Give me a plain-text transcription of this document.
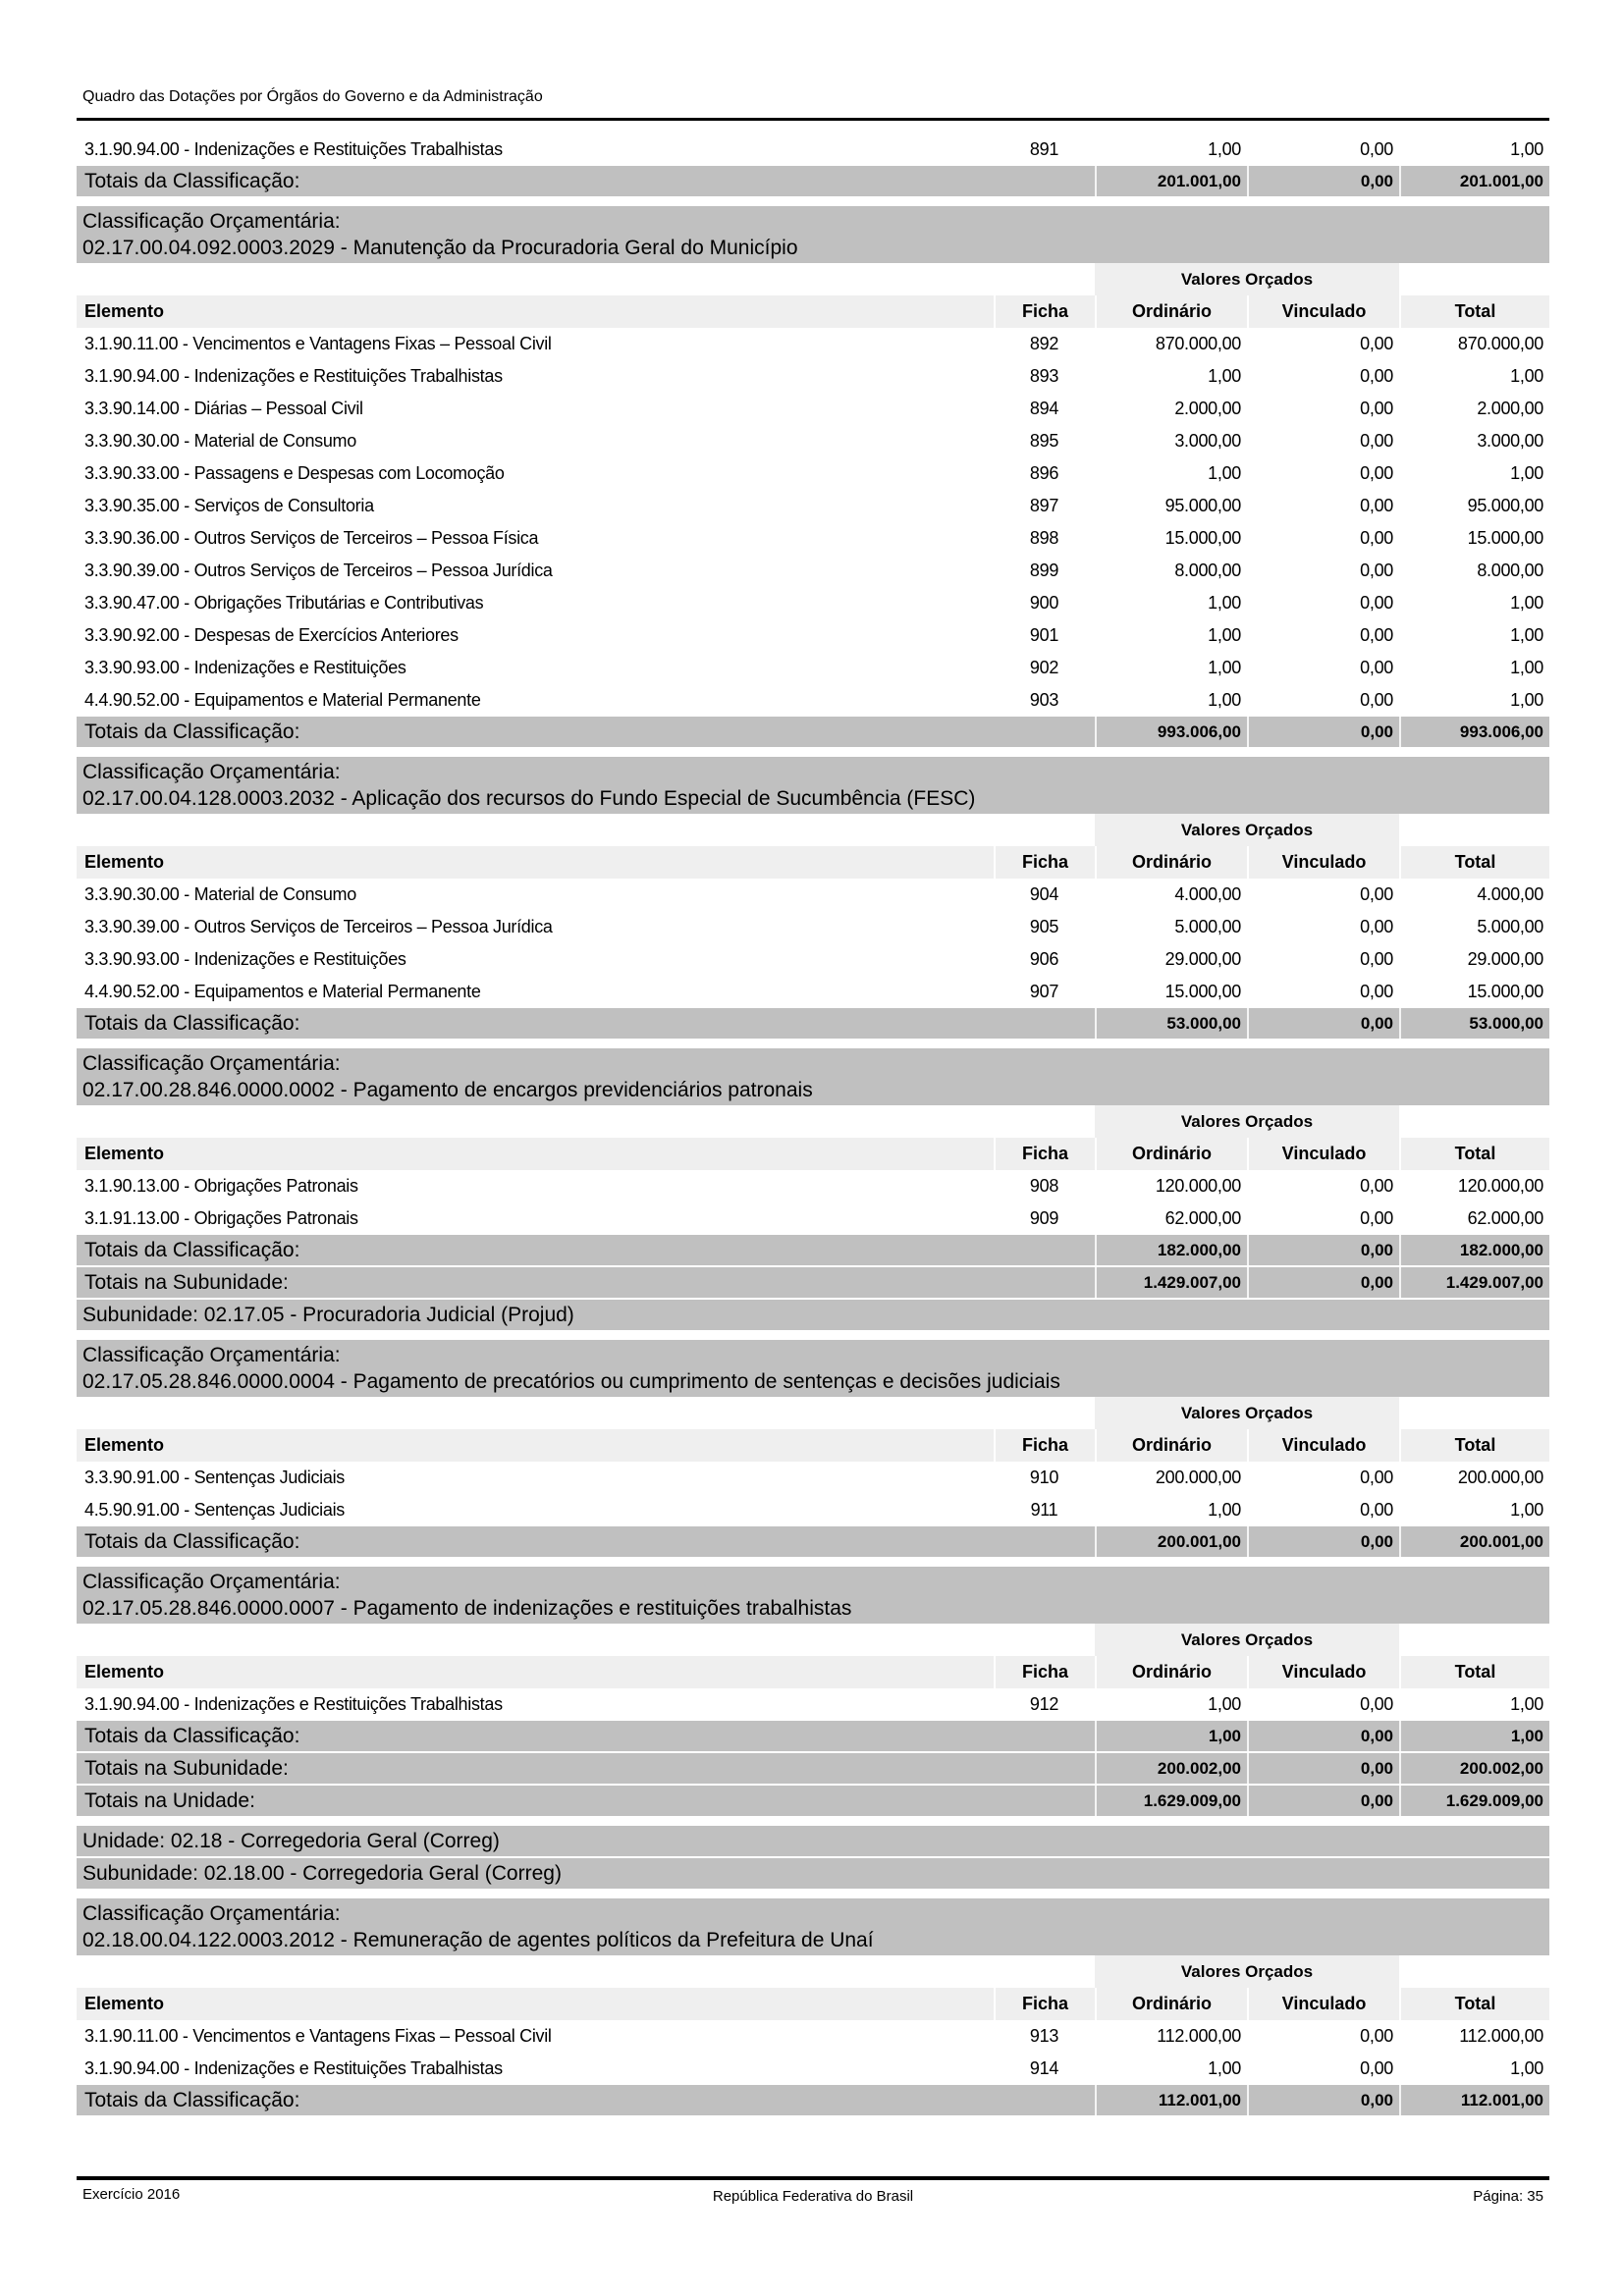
Quadro das Dotações por Órgãos do Governo e da Administração
3.1.90.94.00 - Indenizações e Restituições Trabalhistas	891	1,00	0,00	1,00
Totais da Classificação:	201.001,00	0,00	201.001,00
Classificação Orçamentária:
02.17.00.04.092.0003.2029 - Manutenção da Procuradoria Geral do Município
Valores Orçados
Elemento	Ficha	Ordinário	Vinculado	Total
3.1.90.11.00 - Vencimentos e Vantagens Fixas – Pessoal Civil	892	870.000,00	0,00	870.000,00
3.1.90.94.00 - Indenizações e Restituições Trabalhistas	893	1,00	0,00	1,00
3.3.90.14.00 - Diárias – Pessoal Civil	894	2.000,00	0,00	2.000,00
3.3.90.30.00 - Material de Consumo	895	3.000,00	0,00	3.000,00
3.3.90.33.00 - Passagens e Despesas com Locomoção	896	1,00	0,00	1,00
3.3.90.35.00 - Serviços de Consultoria	897	95.000,00	0,00	95.000,00
3.3.90.36.00 - Outros Serviços de Terceiros – Pessoa Física	898	15.000,00	0,00	15.000,00
3.3.90.39.00 - Outros Serviços de Terceiros – Pessoa Jurídica	899	8.000,00	0,00	8.000,00
3.3.90.47.00 - Obrigações Tributárias e Contributivas	900	1,00	0,00	1,00
3.3.90.92.00 - Despesas de Exercícios Anteriores	901	1,00	0,00	1,00
3.3.90.93.00 - Indenizações e Restituições	902	1,00	0,00	1,00
4.4.90.52.00 - Equipamentos e Material Permanente	903	1,00	0,00	1,00
Totais da Classificação:	993.006,00	0,00	993.006,00
Classificação Orçamentária:
02.17.00.04.128.0003.2032 - Aplicação dos recursos do Fundo Especial de Sucumbência (FESC)
Valores Orçados
Elemento	Ficha	Ordinário	Vinculado	Total
3.3.90.30.00 - Material de Consumo	904	4.000,00	0,00	4.000,00
3.3.90.39.00 - Outros Serviços de Terceiros – Pessoa Jurídica	905	5.000,00	0,00	5.000,00
3.3.90.93.00 - Indenizações e Restituições	906	29.000,00	0,00	29.000,00
4.4.90.52.00 - Equipamentos e Material Permanente	907	15.000,00	0,00	15.000,00
Totais da Classificação:	53.000,00	0,00	53.000,00
Classificação Orçamentária:
02.17.00.28.846.0000.0002 - Pagamento de encargos previdenciários patronais
Valores Orçados
Elemento	Ficha	Ordinário	Vinculado	Total
3.1.90.13.00 - Obrigações Patronais	908	120.000,00	0,00	120.000,00
3.1.91.13.00 - Obrigações Patronais	909	62.000,00	0,00	62.000,00
Totais da Classificação:	182.000,00	0,00	182.000,00
Totais na Subunidade:	1.429.007,00	0,00	1.429.007,00
Subunidade: 02.17.05 - Procuradoria Judicial (Projud)
Classificação Orçamentária:
02.17.05.28.846.0000.0004 - Pagamento de precatórios ou cumprimento de sentenças e decisões judiciais
Valores Orçados
Elemento	Ficha	Ordinário	Vinculado	Total
3.3.90.91.00 - Sentenças Judiciais	910	200.000,00	0,00	200.000,00
4.5.90.91.00 - Sentenças Judiciais	911	1,00	0,00	1,00
Totais da Classificação:	200.001,00	0,00	200.001,00
Classificação Orçamentária:
02.17.05.28.846.0000.0007 - Pagamento de indenizações e restituições trabalhistas
Valores Orçados
Elemento	Ficha	Ordinário	Vinculado	Total
3.1.90.94.00 - Indenizações e Restituições Trabalhistas	912	1,00	0,00	1,00
Totais da Classificação:	1,00	0,00	1,00
Totais na Subunidade:	200.002,00	0,00	200.002,00
Totais na Unidade:	1.629.009,00	0,00	1.629.009,00
Unidade: 02.18 - Corregedoria Geral (Correg)
Subunidade: 02.18.00 - Corregedoria Geral (Correg)
Classificação Orçamentária:
02.18.00.04.122.0003.2012 - Remuneração de agentes políticos da Prefeitura de Unaí
Valores Orçados
Elemento	Ficha	Ordinário	Vinculado	Total
3.1.90.11.00 - Vencimentos e Vantagens Fixas – Pessoal Civil	913	112.000,00	0,00	112.000,00
3.1.90.94.00 - Indenizações e Restituições Trabalhistas	914	1,00	0,00	1,00
Totais da Classificação:	112.001,00	0,00	112.001,00
Exercício 2016	República Federativa do Brasil	Página: 35
